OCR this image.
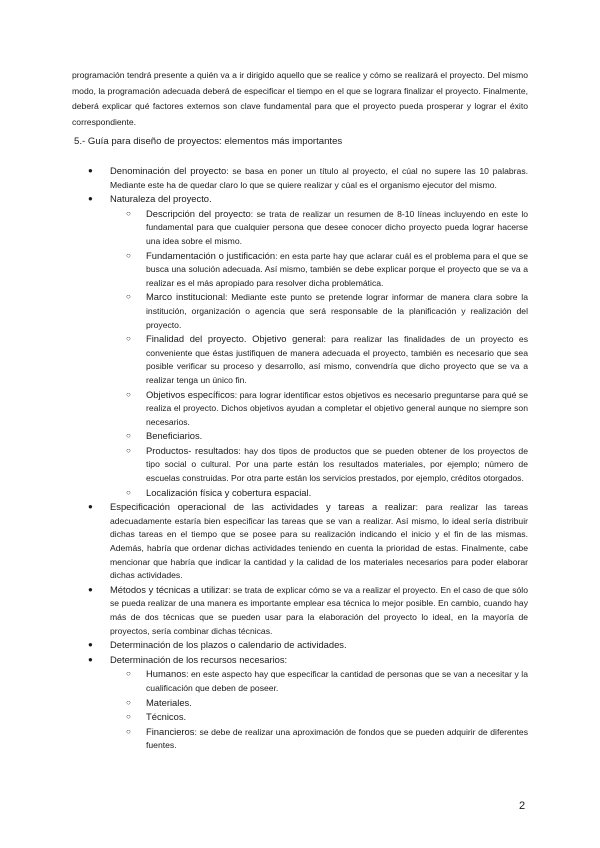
programación tendrá presente a quién va a ir dirigido aquello que se realice y cómo se realizará el proyecto. Del mismo modo, la programación adecuada deberá de especificar el tiempo en el que se lograra finalizar el proyecto. Finalmente, deberá explicar qué factores externos son clave fundamental para que el proyecto pueda prosperar y lograr el éxito correspondiente.

5.- Guía para diseño de proyectos: elementos más importantes

● Denominación del proyecto: se basa en poner un título al proyecto, el cúal no supere las 10 palabras. Mediante este ha de quedar claro lo que se quiere realizar y cúal es el organismo ejecutor del mismo.
● Naturaleza del proyecto.
○ Descripción del proyecto: se trata de realizar un resumen de 8-10 líneas incluyendo en este lo fundamental para que cualquier persona que desee conocer dicho proyecto pueda lograr hacerse una idea sobre el mismo.
○ Fundamentación o justificación: en esta parte hay que aclarar cuál es el problema para el que se busca una solución adecuada. Así mismo, también se debe explicar porque el proyecto que se va a realizar es el más apropiado para resolver dicha problemática.
○ Marco institucional: Mediante este punto se pretende lograr informar de manera clara sobre la institución, organización o agencia que será responsable de la planificación y realización del proyecto.
○ Finalidad del proyecto. Objetivo general: para realizar las finalidades de un proyecto es conveniente que éstas justifiquen de manera adecuada el proyecto, también es necesario que sea posible verificar su proceso y desarrollo, así mismo, convendría que dicho proyecto que se va a realizar tenga un único fin.
○ Objetivos específicos: para lograr identificar estos objetivos es necesario preguntarse para qué se realiza el proyecto. Dichos objetivos ayudan a completar el objetivo general aunque no siempre son necesarios.
○ Beneficiarios.
○ Productos- resultados: hay dos tipos de productos que se pueden obtener de los proyectos de tipo social o cultural. Por una parte están los resultados materiales, por ejemplo; número de escuelas construidas. Por otra parte están los servicios prestados, por ejemplo, créditos otorgados.
○ Localización física y cobertura espacial.
● Especificación operacional de las actividades y tareas a realizar: para realizar las tareas adecuadamente estaría bien especificar las tareas que se van a realizar. Así mismo, lo ideal sería distribuir dichas tareas en el tiempo que se posee para su realización indicando el inicio y el fin de las mismas. Además, habría que ordenar dichas actividades teniendo en cuenta la prioridad de estas. Finalmente, cabe mencionar que habría que indicar la cantidad y la calidad de los materiales necesarios para poder elaborar dichas actividades.
● Métodos y técnicas a utilizar: se trata de explicar cómo se va a realizar el proyecto. En el caso de que sólo se pueda realizar de una manera es importante emplear esa técnica lo mejor posible. En cambio, cuando hay más de dos técnicas que se pueden usar para la elaboración del proyecto lo ideal, en la mayoría de proyectos, sería combinar dichas técnicas.
● Determinación de los plazos o calendario de actividades.
● Determinación de los recursos necesarios:
○ Humanos: en este aspecto hay que especificar la cantidad de personas que se van a necesitar y la cualificación que deben de poseer.
○ Materiales.
○ Técnicos.
○ Financieros: se debe de realizar una aproximación de fondos que se pueden adquirir de diferentes fuentes.

2
